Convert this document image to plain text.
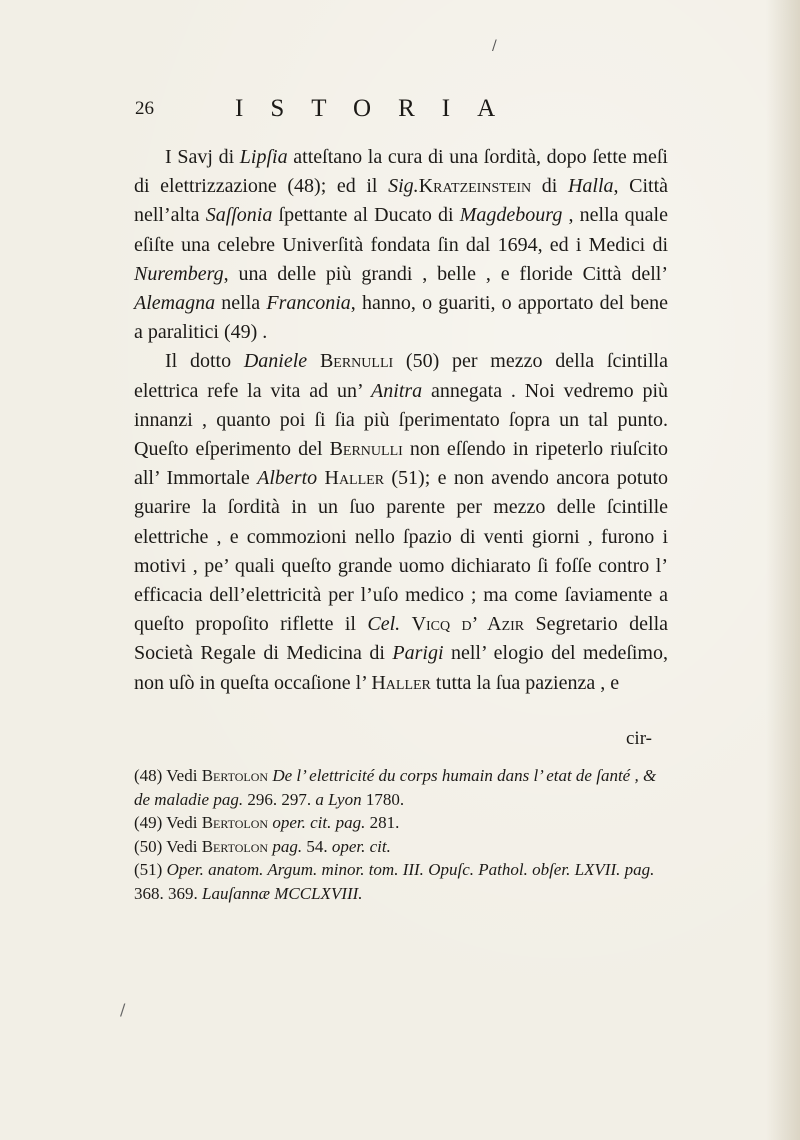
/
26	ISTORIA

I Savj di Lipſia atteſtano la cura di una ſordità, dopo ſette meſi di elettrizzazione (48); ed il Sig.Kratzeinstein di Halla, Città nell’alta Saſſonia ſpettante al Ducato di Magdebourg , nella quale eſiſte una celebre Univerſità fondata ſin dal 1694, ed i Medici di Nuremberg, una delle più grandi , belle , e floride Città dell’ Alemagna nella Franconia, hanno, o guariti, o apportato del bene a paralitici (49) .

Il dotto Daniele Bernulli (50) per mezzo della ſcintilla elettrica refe la vita ad un’ Anitra annegata . Noi vedremo più innanzi , quanto poi ſi ſia più ſperimentato ſopra un tal punto. Queſto eſperimento del Bernulli non eſſendo in ripeterlo riuſcito all’ Immortale Alberto Haller (51); e non avendo ancora potuto guarire la ſordità in un ſuo parente per mezzo delle ſcintille elettriche , e commozioni nello ſpazio di venti giorni , furono i motivi , pe’ quali queſto grande uomo dichiarato ſi foſſe contro l’ efficacia dell’elettricità per l’uſo medico ; ma come ſaviamente a queſto propoſito riflette il Cel. Vicq d’ Azir Segretario della Società Regale di Medicina di Parigi nell’ elogio del medeſimo, non uſò in queſta occaſione l’ Haller tutta la ſua pazienza , e

cir-

(48) Vedi Bertolon De l’ elettricité du corps humain dans l’ etat de ſanté , & de maladie pag. 296. 297. a Lyon 1780.

(49) Vedi Bertolon oper. cit. pag. 281.

(50) Vedi Bertolon pag. 54. oper. cit.

(51) Oper. anatom. Argum. minor. tom. III. Opuſc. Pathol. obſer. LXVII. pag. 368. 369. Lauſannæ MCCLXVIII.

/
